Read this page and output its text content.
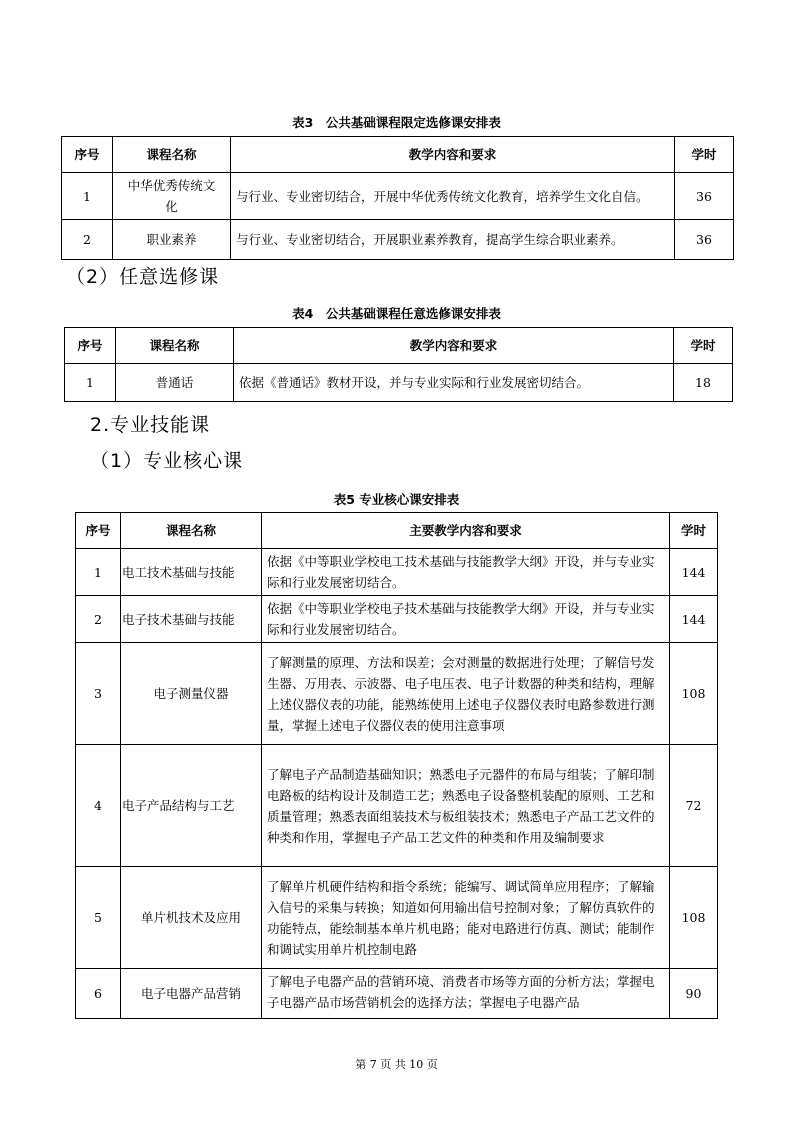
表3　公共基础课程限定选修课安排表
序号	课程名称	教学内容和要求	学时
1	中华优秀传统文化	与行业、专业密切结合，开展中华优秀传统文化教育，培养学生文化自信。	36
2	职业素养	与行业、专业密切结合，开展职业素养教育，提高学生综合职业素养。	36
（2）任意选修课
表4　公共基础课程任意选修课安排表
序号	课程名称	教学内容和要求	学时
1	普通话	依据《普通话》教材开设，并与专业实际和行业发展密切结合。	18
2.专业技能课
（1）专业核心课
表5 专业核心课安排表
序号	课程名称	主要教学内容和要求	学时
1	电工技术基础与技能	依据《中等职业学校电工技术基础与技能教学大纲》开设，并与专业实际和行业发展密切结合。	144
2	电子技术基础与技能	依据《中等职业学校电子技术基础与技能教学大纲》开设，并与专业实际和行业发展密切结合。	144
3	电子测量仪器	了解测量的原理、方法和误差；会对测量的数据进行处理；了解信号发生器、万用表、示波器、电子电压表、电子计数器的种类和结构，理解上述仪器仪表的功能，能熟练使用上述电子仪器仪表时电路参数进行测量，掌握上述电子仪器仪表的使用注意事项	108
4	电子产品结构与工艺	了解电子产品制造基础知识；熟悉电子元器件的布局与组装；了解印制电路板的结构设计及制造工艺；熟悉电子设备整机装配的原则、工艺和质量管理；熟悉表面组装技术与板组装技术；熟悉电子产品工艺文件的种类和作用，掌握电子产品工艺文件的种类和作用及编制要求	72
5	单片机技术及应用	了解单片机硬件结构和指令系统；能编写、调试简单应用程序；了解输入信号的采集与转换；知道如何用输出信号控制对象；了解仿真软件的功能特点，能绘制基本单片机电路；能对电路进行仿真、测试；能制作和调试实用单片机控制电路	108
6	电子电器产品营销	了解电子电器产品的营销环境、消费者市场等方面的分析方法；掌握电子电器产品市场营销机会的选择方法；掌握电子电器产品	90
第 7 页 共 10 页
